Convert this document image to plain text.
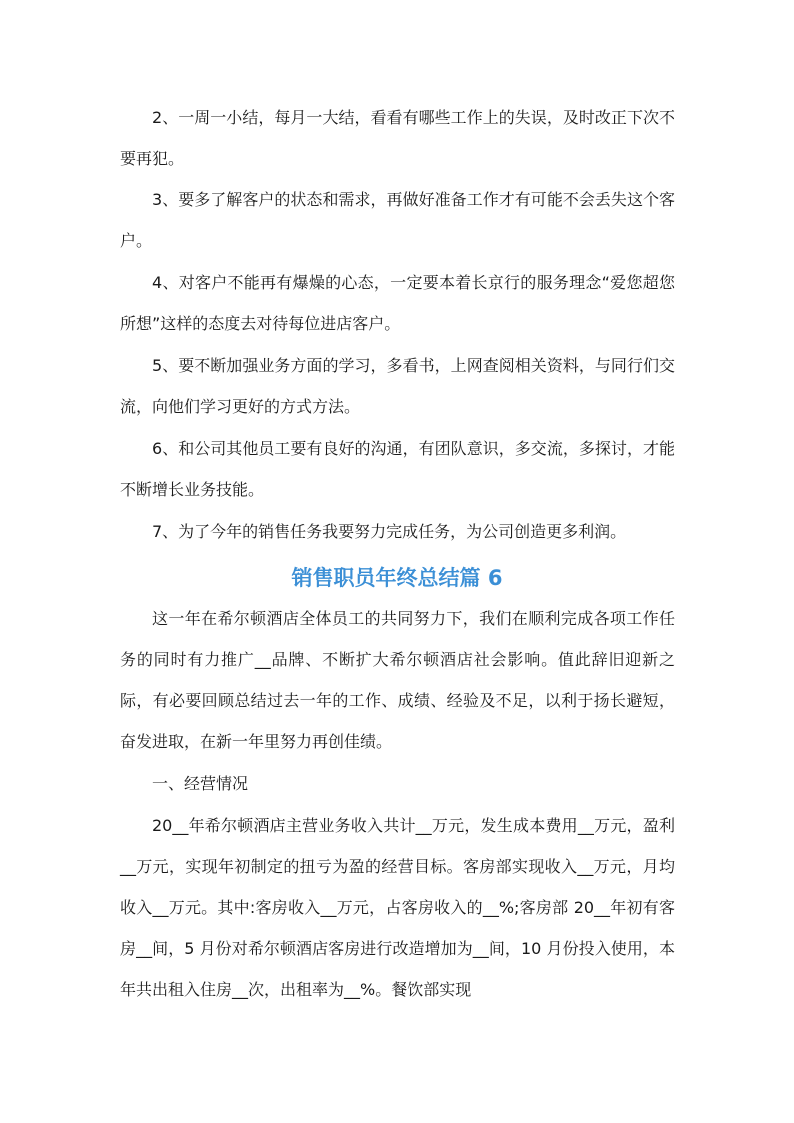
2、一周一小结，每月一大结，看看有哪些工作上的失误，及时改正下次不要再犯。

3、要多了解客户的状态和需求，再做好准备工作才有可能不会丢失这个客户。

4、对客户不能再有爆燥的心态，一定要本着长京行的服务理念“爱您超您所想”这样的态度去对待每位进店客户。

5、要不断加强业务方面的学习，多看书，上网查阅相关资料，与同行们交流，向他们学习更好的方式方法。

6、和公司其他员工要有良好的沟通，有团队意识，多交流，多探讨，才能不断增长业务技能。

7、为了今年的销售任务我要努力完成任务，为公司创造更多利润。

销售职员年终总结篇 6

这一年在希尔顿酒店全体员工的共同努力下，我们在顺利完成各项工作任务的同时有力推广__品牌、不断扩大希尔顿酒店社会影响。值此辞旧迎新之际，有必要回顾总结过去一年的工作、成绩、经验及不足，以利于扬长避短，奋发进取，在新一年里努力再创佳绩。

一、经营情况

20__年希尔顿酒店主营业务收入共计__万元，发生成本费用__万元，盈利__万元，实现年初制定的扭亏为盈的经营目标。客房部实现收入__万元，月均收入__万元。其中:客房收入__万元，占客房收入的__%;客房部 20__年初有客房__间，5 月份对希尔顿酒店客房进行改造增加为__间，10 月份投入使用，本年共出租入住房__次，出租率为__%。餐饮部实现
